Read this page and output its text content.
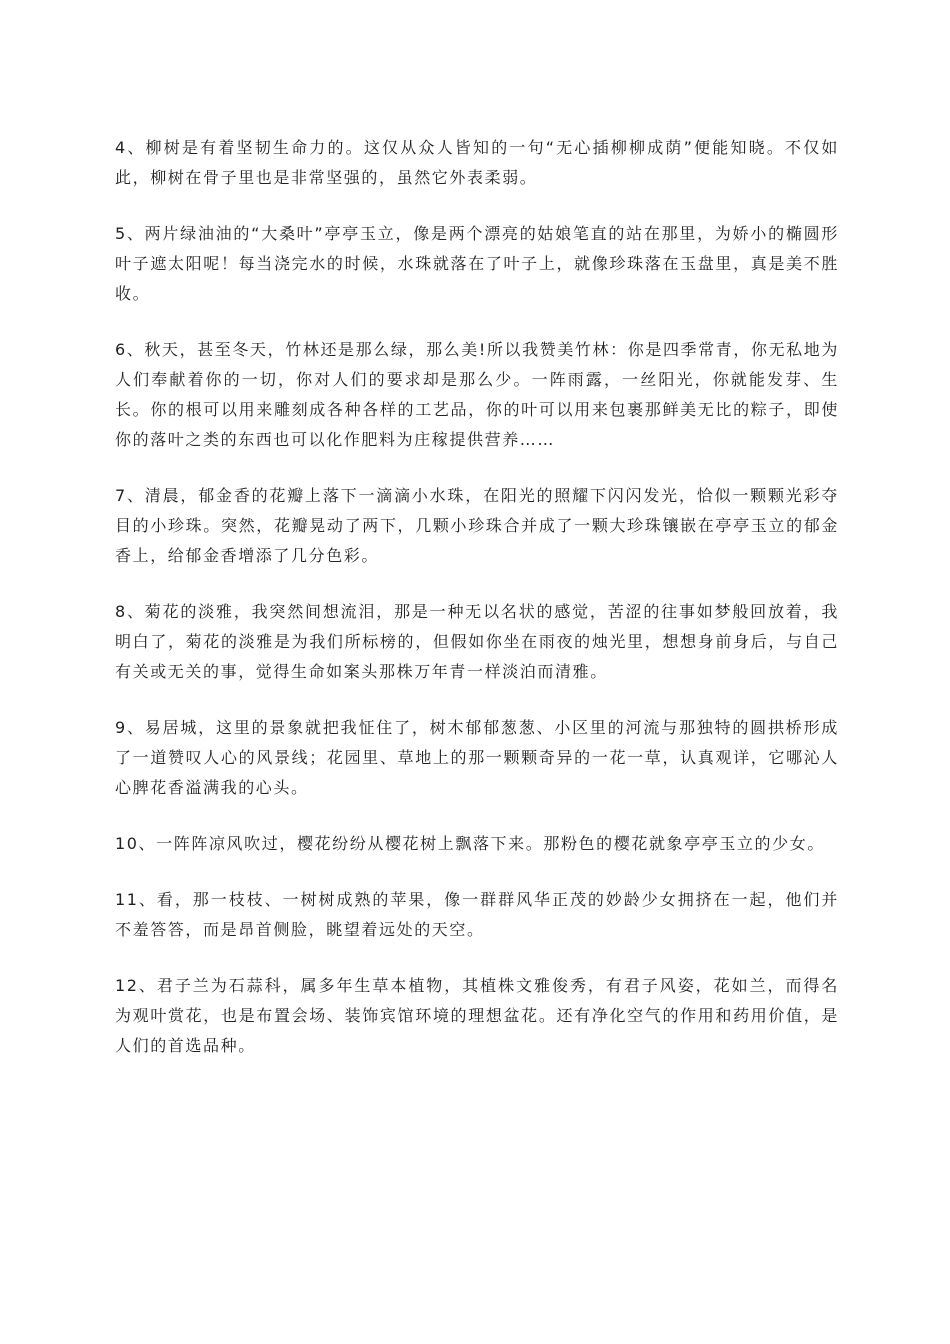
4、柳树是有着坚韧生命力的。这仅从众人皆知的一句“无心插柳柳成荫”便能知晓。不仅如此，柳树在骨子里也是非常坚强的，虽然它外表柔弱。

5、两片绿油油的“大桑叶”亭亭玉立，像是两个漂亮的姑娘笔直的站在那里，为娇小的椭圆形叶子遮太阳呢！每当浇完水的时候，水珠就落在了叶子上，就像珍珠落在玉盘里，真是美不胜收。

6、秋天，甚至冬天，竹林还是那么绿，那么美!所以我赞美竹林：你是四季常青，你无私地为人们奉献着你的一切，你对人们的要求却是那么少。一阵雨露，一丝阳光，你就能发芽、生长。你的根可以用来雕刻成各种各样的工艺品，你的叶可以用来包裹那鲜美无比的粽子，即使你的落叶之类的东西也可以化作肥料为庄稼提供营养……

7、清晨，郁金香的花瓣上落下一滴滴小水珠，在阳光的照耀下闪闪发光，恰似一颗颗光彩夺目的小珍珠。突然，花瓣晃动了两下，几颗小珍珠合并成了一颗大珍珠镶嵌在亭亭玉立的郁金香上，给郁金香增添了几分色彩。

8、菊花的淡雅，我突然间想流泪，那是一种无以名状的感觉，苦涩的往事如梦般回放着，我明白了，菊花的淡雅是为我们所标榜的，但假如你坐在雨夜的烛光里，想想身前身后，与自己有关或无关的事，觉得生命如案头那株万年青一样淡泊而清雅。

9、易居城，这里的景象就把我怔住了，树木郁郁葱葱、小区里的河流与那独特的圆拱桥形成了一道赞叹人心的风景线；花园里、草地上的那一颗颗奇异的一花一草，认真观详，它哪沁人心脾花香溢满我的心头。

10、一阵阵凉风吹过，樱花纷纷从樱花树上飘落下来。那粉色的樱花就象亭亭玉立的少女。

11、看，那一枝枝、一树树成熟的苹果，像一群群风华正茂的妙龄少女拥挤在一起，他们并不羞答答，而是昂首侧脸，眺望着远处的天空。

12、君子兰为石蒜科，属多年生草本植物，其植株文雅俊秀，有君子风姿，花如兰，而得名为观叶赏花，也是布置会场、装饰宾馆环境的理想盆花。还有净化空气的作用和药用价值，是人们的首选品种。
